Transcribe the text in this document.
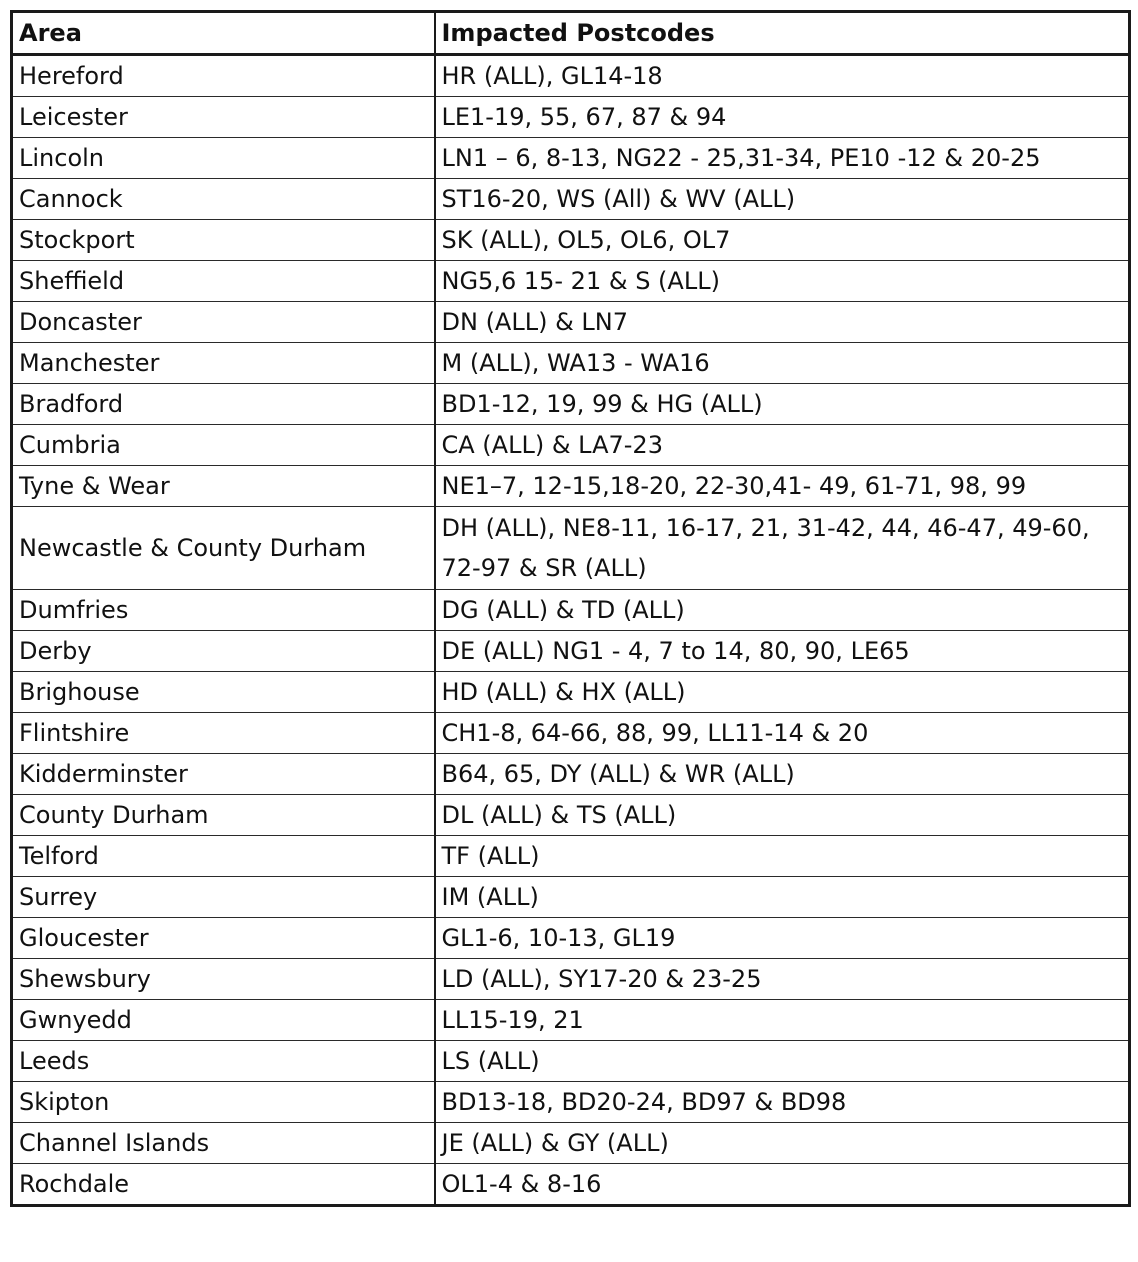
Area	Impacted Postcodes
Hereford	HR (ALL), GL14-18
Leicester	LE1-19, 55, 67, 87 & 94
Lincoln	LN1 – 6, 8-13, NG22 - 25,31-34, PE10 -12 & 20-25
Cannock	ST16-20, WS (All) & WV (ALL)
Stockport	SK (ALL), OL5, OL6, OL7
Sheffield	NG5,6 15- 21 & S (ALL)
Doncaster	DN (ALL) & LN7
Manchester	M (ALL), WA13 - WA16
Bradford	BD1-12, 19, 99 & HG (ALL)
Cumbria	CA (ALL) & LA7-23
Tyne & Wear	NE1–7, 12-15,18-20, 22-30,41- 49, 61-71, 98, 99
Newcastle & County Durham	DH (ALL), NE8-11, 16-17, 21, 31-42, 44, 46-47, 49-60, 72-97 & SR (ALL)
Dumfries	DG (ALL) & TD (ALL)
Derby	DE (ALL) NG1 - 4, 7 to 14, 80, 90, LE65
Brighouse	HD (ALL) & HX (ALL)
Flintshire	CH1-8, 64-66, 88, 99, LL11-14 & 20
Kidderminster	B64, 65, DY (ALL) & WR (ALL)
County Durham	DL (ALL) & TS (ALL)
Telford	TF (ALL)
Surrey	IM (ALL)
Gloucester	GL1-6, 10-13, GL19
Shewsbury	LD (ALL), SY17-20 & 23-25
Gwnyedd	LL15-19, 21
Leeds	LS (ALL)
Skipton	BD13-18, BD20-24, BD97 & BD98
Channel Islands	JE (ALL) & GY (ALL)
Rochdale	OL1-4 & 8-16
